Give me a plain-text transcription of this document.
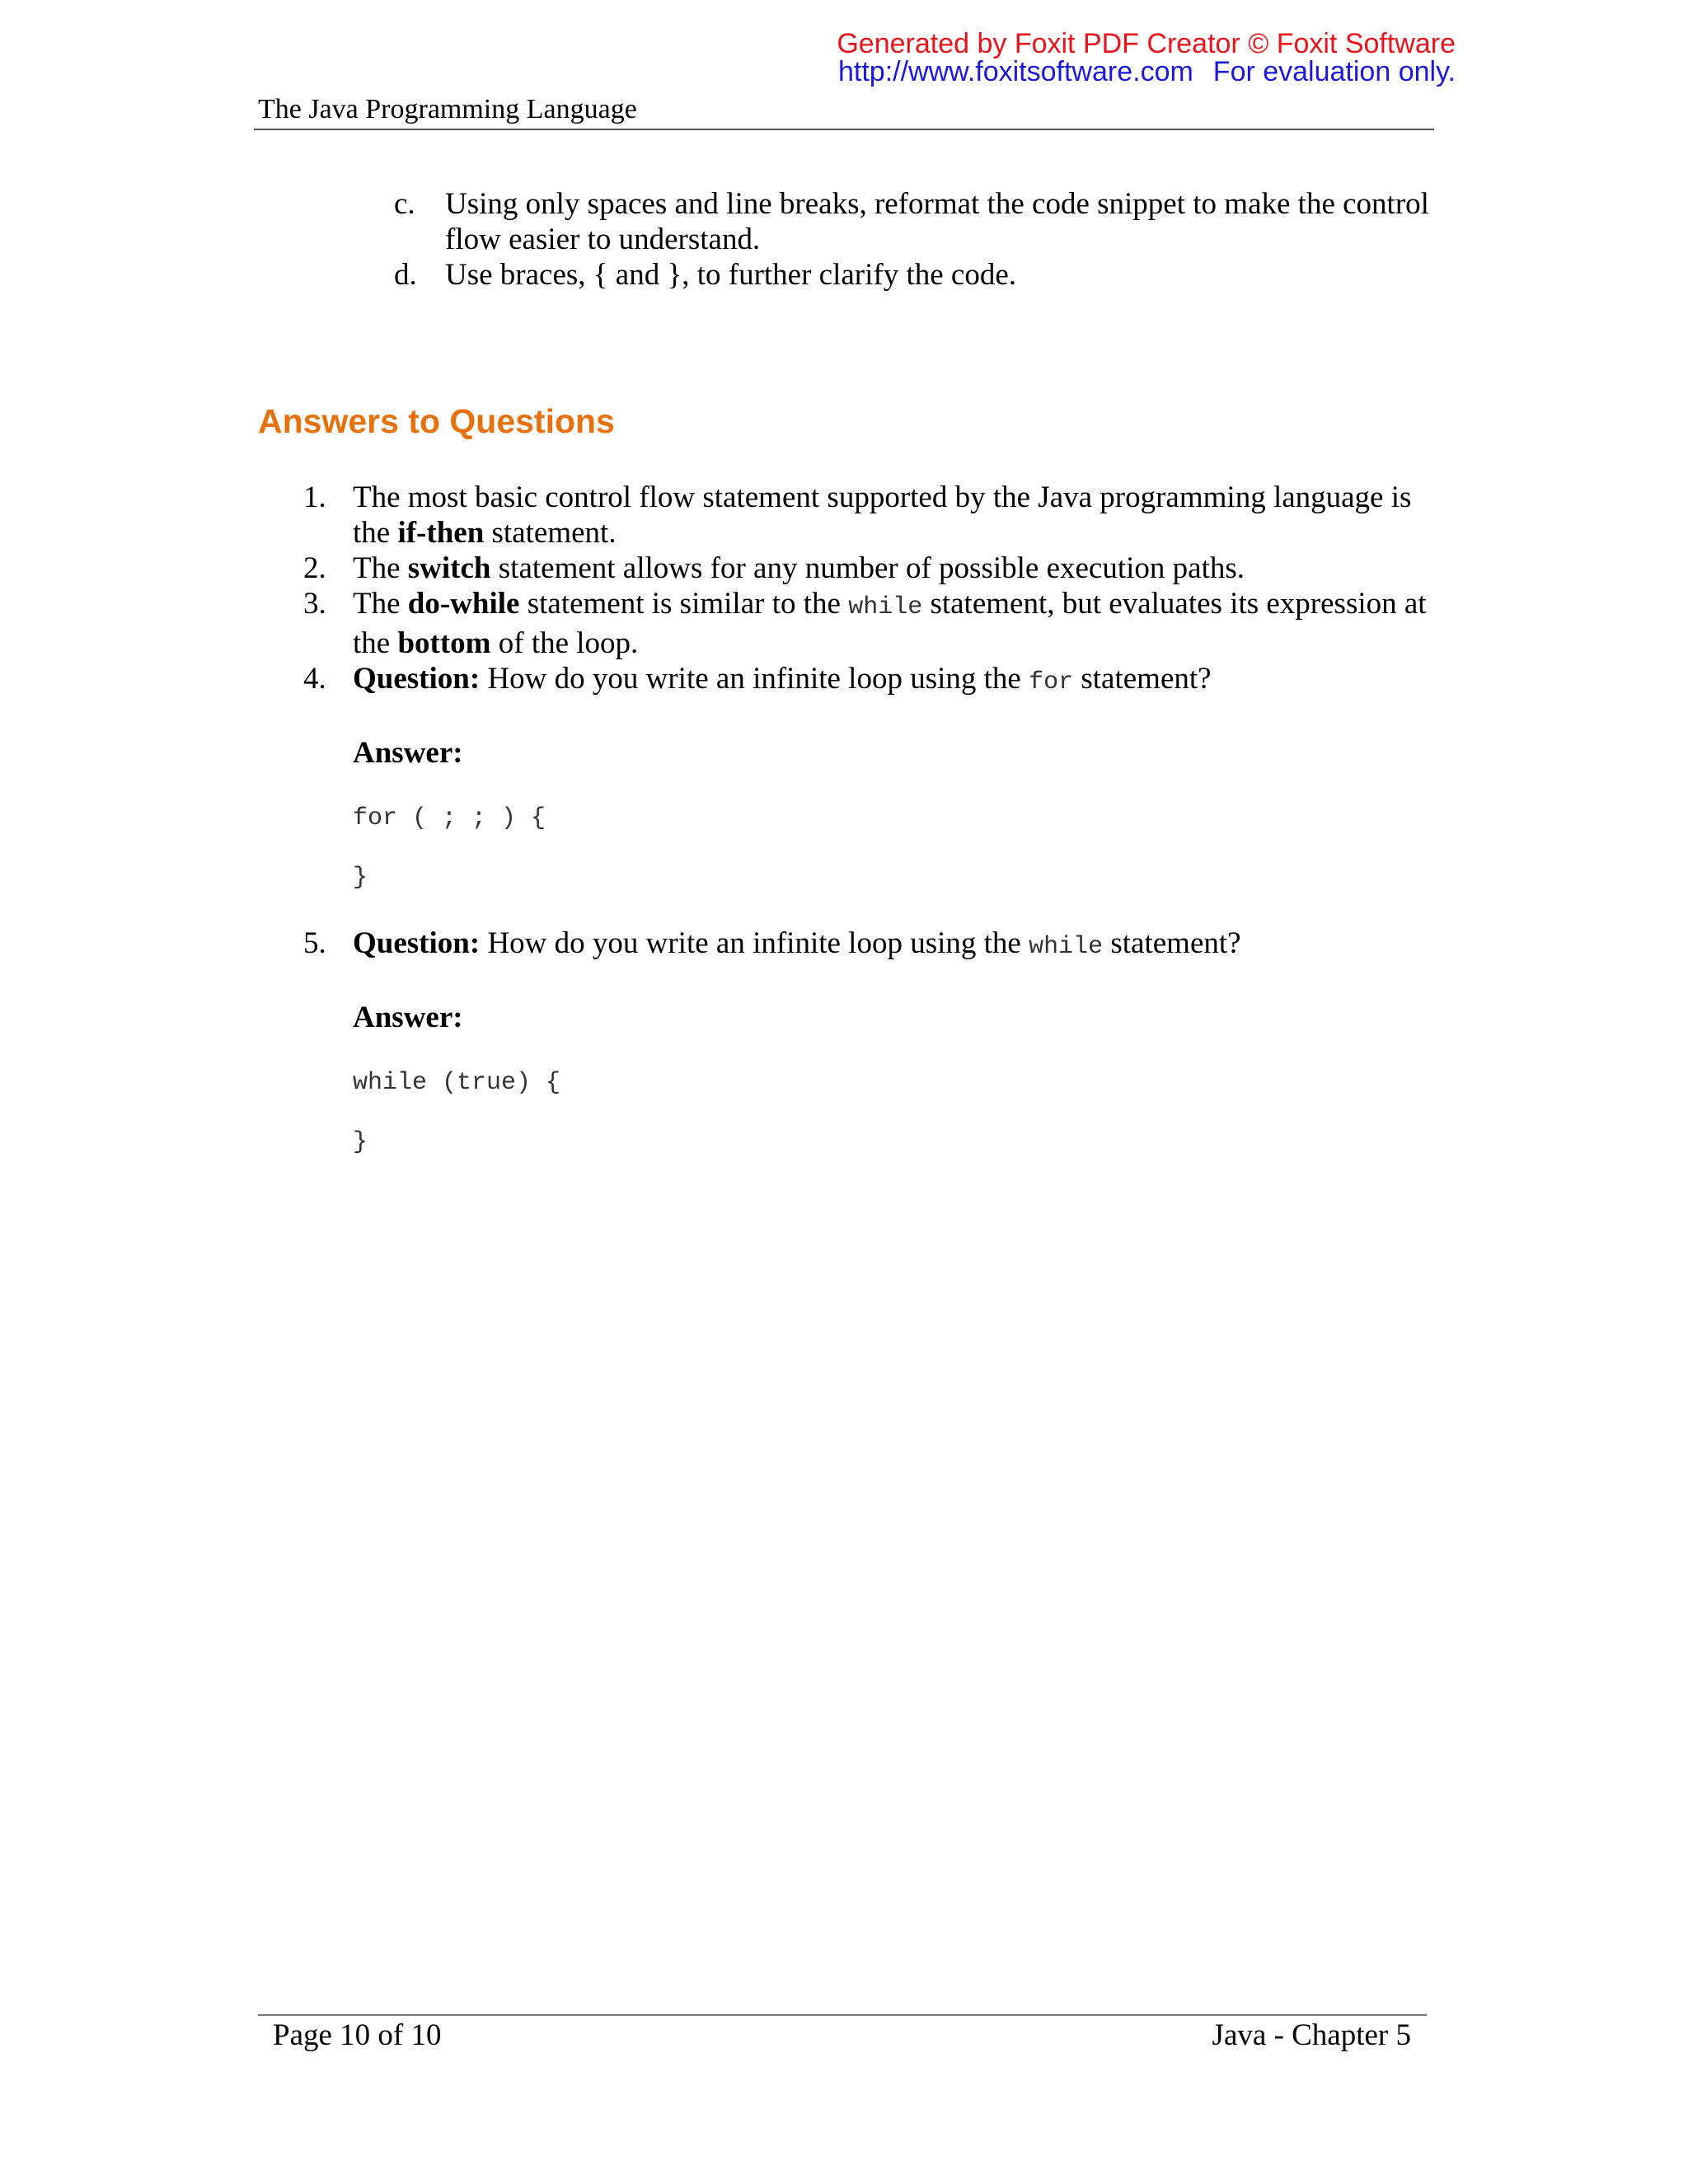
Generated by Foxit PDF Creator © Foxit Software
http://www.foxitsoftware.com For evaluation only.
The Java Programming Language
c. Using only spaces and line breaks, reformat the code snippet to make the control flow easier to understand.
d. Use braces, { and }, to further clarify the code.
Answers to Questions
1. The most basic control flow statement supported by the Java programming language is the if-then statement.
2. The switch statement allows for any number of possible execution paths.
3. The do-while statement is similar to the while statement, but evaluates its expression at the bottom of the loop.
4. Question: How do you write an infinite loop using the for statement?
Answer:
for ( ; ; ) {
}
5. Question: How do you write an infinite loop using the while statement?
Answer:
while (true) {
}
Page 10 of 10	Java - Chapter 5
